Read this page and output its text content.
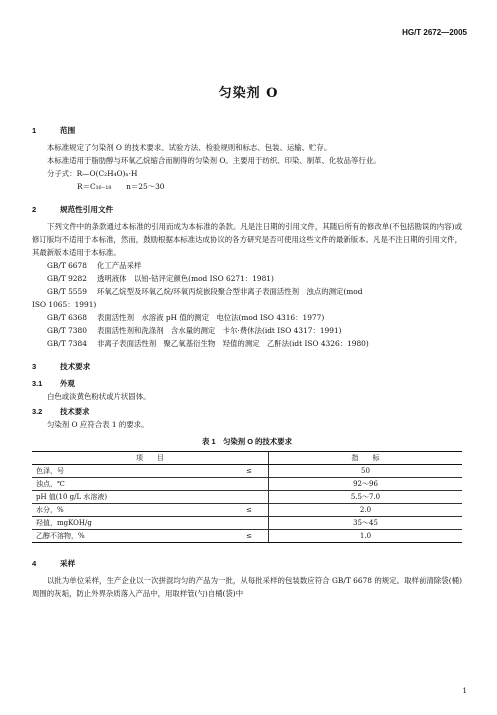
HG/T 2672—2005
匀染剂 O
1	范围

本标准规定了匀染剂 O 的技术要求、试验方法、检验规则和标志、包装、运输、贮存。

本标准适用于脂肪醇与环氧乙烷缩合而制得的匀染剂 O。主要用于纺织、印染、制革、化妆品等行业。

分子式：R—O(C₂H₄O)ₙ·H

R＝C₁₆₋₁₈　　n＝25～30

2	规范性引用文件

下列文件中的条款通过本标准的引用而成为本标准的条款。凡是注日期的引用文件，其随后所有的修改单(不包括勘误的内容)或修订版均不适用于本标准，然而，鼓励根据本标准达成协议的各方研究是否可使用这些文件的最新版本。凡是不注日期的引用文件，其最新版本适用于本标准。

GB/T 6678 化工产品采样

GB/T 9282 透明液体　以铂-钴评定颜色(mod ISO 6271：1981)

GB/T 5559 环氧乙烷型及环氧乙烷/环氧丙烷嵌段聚合型非离子表面活性剂　浊点的测定(mod

ISO 1065：1991)

GB/T 6368 表面活性剂　水溶液 pH 值的测定　电位法(mod ISO 4316：1977)

GB/T 7380 表面活性剂和洗涤剂　含水量的测定　卡尔·费休法(idt ISO 4317：1991)

GB/T 7384 非离子表面活性剂　聚乙氧基衍生物　羟值的测定　乙酐法(idt ISO 4326：1980)

3	技术要求
3.1 外观

白色或淡黄色粉状或片状固体。

3.2 技术要求

匀染剂 O 应符合表 1 的要求。

表 1　匀染剂 O 的技术要求
项　　目		指　　标
色泽，号	≤	50
浊点，℃		92～96
pH 值(10 g/L 水溶液)		5.5～7.0
水分，%	≤	2.0
羟值，mgKOH/g		35～45
乙醇不溶物，%	≤	1.0
4	采样

以批为单位采样，生产企业以一次拼混均匀的产品为一批，从每批采样的包装数应符合 GB/T 6678 的规定。取样前清除袋(桶)周围的灰垢，防止外界杂质落入产品中，用取样管(勺)自桶(袋)中

1
